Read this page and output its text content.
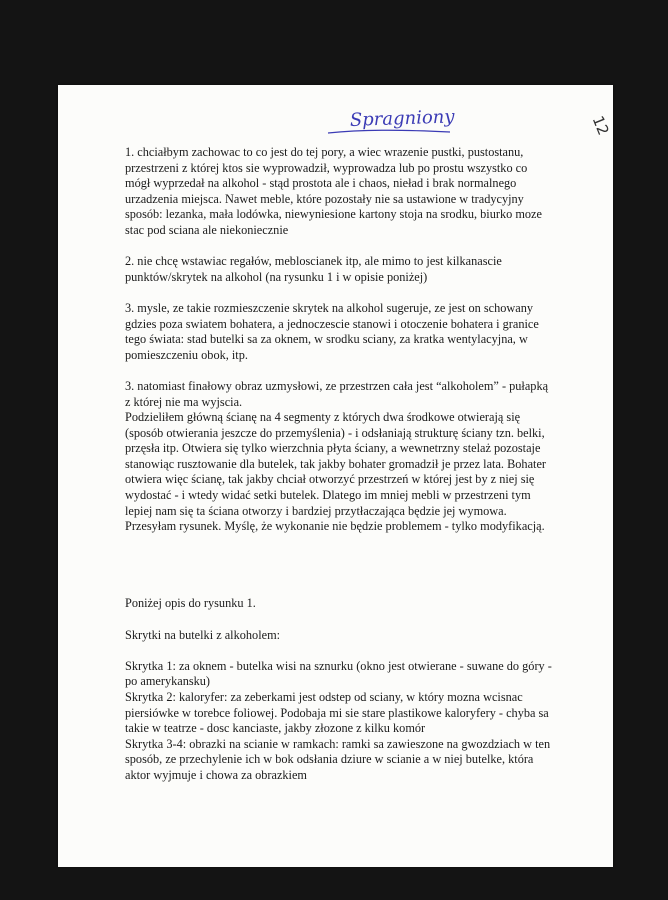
Spragniony	12
1. chciałbym zachowac to co jest do tej pory, a wiec wrazenie pustki, pustostanu,
przestrzeni z której ktos sie wyprowadził, wyprowadza lub po prostu wszystko co
mógł wyprzedał na alkohol - stąd prostota ale i chaos, nieład i brak normalnego
urzadzenia miejsca. Nawet meble, które pozostały nie sa ustawione w tradycyjny
sposób: lezanka, mała lodówka, niewyniesione kartony stoja na srodku, biurko moze
stac pod sciana ale niekoniecznie
2. nie chcę wstawiac regałów, mebloscianek itp, ale mimo to jest kilkanascie
punktów/skrytek na alkohol (na rysunku 1 i w opisie poniżej)
3. mysle, ze takie rozmieszczenie skrytek na alkohol sugeruje, ze jest on schowany
gdzies poza swiatem bohatera, a jednoczescie stanowi i otoczenie bohatera i granice
tego świata: stad butelki sa za oknem, w srodku sciany, za kratka wentylacyjna, w
pomieszczeniu obok, itp.
3. natomiast finałowy obraz uzmysłowi, ze przestrzen cała jest “alkoholem” - pułapką
z której nie ma wyjscia.
Podzieliłem główną ścianę na 4 segmenty z których dwa środkowe otwierają się
(sposób otwierania jeszcze do przemyślenia) - i odsłaniają strukturę ściany tzn. belki,
przęsła itp. Otwiera się tylko wierzchnia płyta ściany, a wewnetrzny stelaż pozostaje
stanowiąc rusztowanie dla butelek, tak jakby bohater gromadził je przez lata. Bohater
otwiera więc ścianę, tak jakby chciał otworzyć przestrzeń w której jest by z niej się
wydostać - i wtedy widać setki butelek. Dlatego im mniej mebli w przestrzeni tym
lepiej nam się ta ściana otworzy i bardziej przytłaczająca będzie jej wymowa.
Przesyłam rysunek. Myślę, że wykonanie nie będzie problemem - tylko modyfikacją.
Poniżej opis do rysunku 1.
Skrytki na butelki z alkoholem:
Skrytka 1: za oknem - butelka wisi na sznurku (okno jest otwierane - suwane do góry -
po amerykansku)
Skrytka 2: kaloryfer: za zeberkami jest odstep od sciany, w który mozna wcisnac
piersiówke w torebce foliowej. Podobaja mi sie stare plastikowe kaloryfery - chyba sa
takie w teatrze - dosc kanciaste, jakby złozone z kilku komór
Skrytka 3-4: obrazki na scianie w ramkach: ramki sa zawieszone na gwozdziach w ten
sposób, ze przechylenie ich w bok odsłania dziure w scianie a w niej butelke, która
aktor wyjmuje i chowa za obrazkiem
